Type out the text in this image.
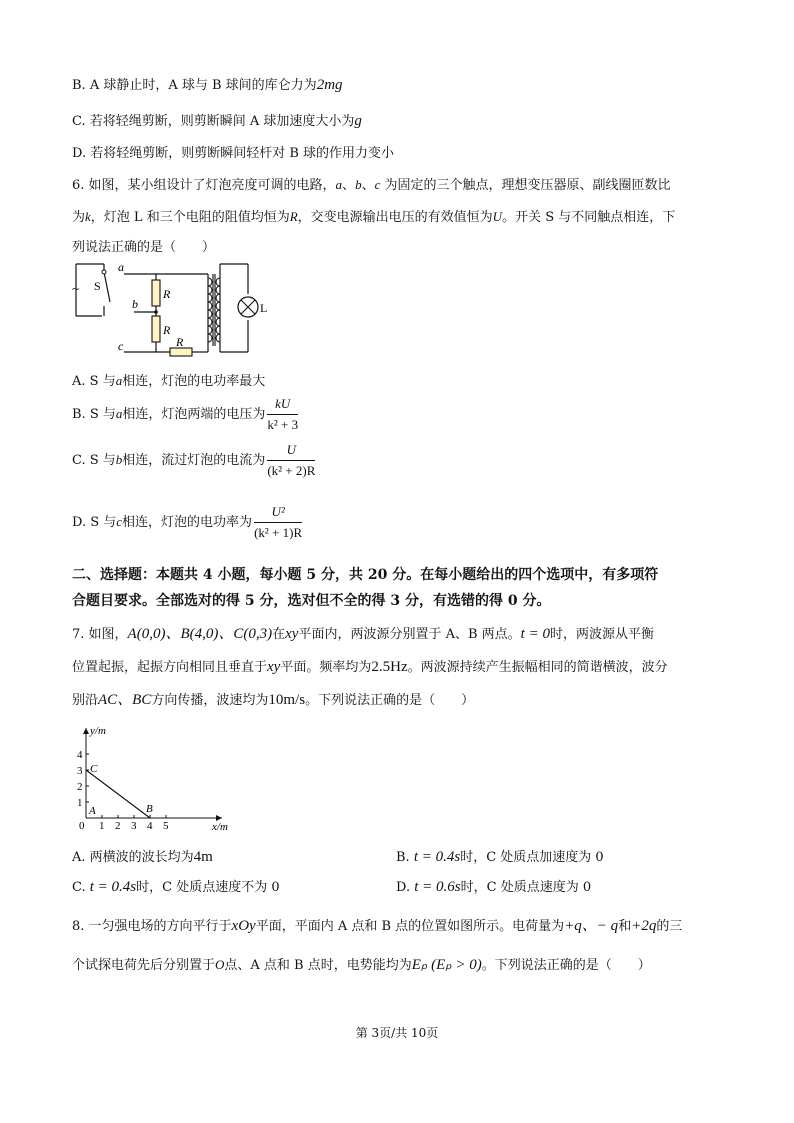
B. A 球静止时，A 球与 B 球间的库仑力为2mg
C. 若将轻绳剪断，则剪断瞬间 A 球加速度大小为g
D. 若将轻绳剪断，则剪断瞬间轻杆对 B 球的作用力变小
6. 如图，某小组设计了灯泡亮度可调的电路，a、b、c 为固定的三个触点，理想变压器原、副线圈匝数比
为k，灯泡 L 和三个电阻的阻值均恒为R，交变电源输出电压的有效值恒为U。开关 S 与不同触点相连，下
列说法正确的是（　　）
~
a
b
c
S
R
R
R
L
A. S 与a相连，灯泡的电功率最大
B. S 与a相连，灯泡两端的电压为 $\frac{kU}{\text{k² + 3}}$
C. S 与b相连，流过灯泡的电流为 $\frac{U}{\text{(k² + 2)R}}$
D. S 与c相连，灯泡的电功率为 $\frac{\text{U²}}{\text{(k² + 1)R}}$
二、选择题：本题共 4 小题，每小题 5 分，共 20 分。在每小题给出的四个选项中，有多项符
合题目要求。全部选对的得 5 分，选对但不全的得 3 分，有选错的得 0 分。
7. 如图，A(0,0)、B(4,0)、C(0,3)在xy平面内，两波源分别置于 A、B 两点。t = 0时，两波源从平衡
位置起振，起振方向相同且垂直于xy平面。频率均为2.5Hz。两波源持续产生振幅相同的简谐横波，波分
别沿AC、BC方向传播，波速均为10m/s。下列说法正确的是（　　）
0 1 2 3 4 5
1
2
3
4
y/m
x/m
A	B
C
A. 两横波的波长均为4m	B. t = 0.4s时，C 处质点加速度为 0
C. t = 0.4s时，C 处质点速度不为 0	D. t = 0.6s时，C 处质点速度为 0
8. 一匀强电场的方向平行于xOy平面，平面内 A 点和 B 点的位置如图所示。电荷量为+q、− q和+2q的三
个试探电荷先后分别置于O点、A 点和 B 点时，电势能均为Eₚ (Eₚ > 0)。下列说法正确的是（　　）
第 3页/共 10页
